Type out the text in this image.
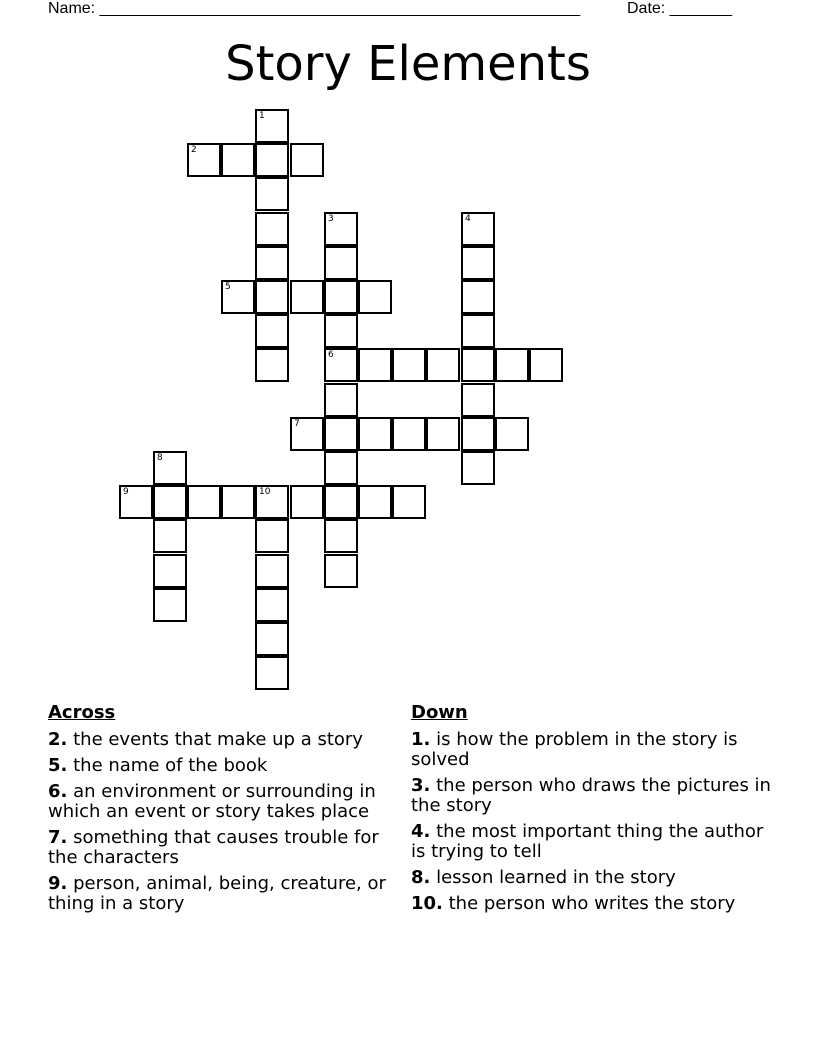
Name: ______________________________________________________	Date: _______
Story Elements
1
2
3	4
5
6
7
8
9	10
Across
2. the events that make up a story
5. the name of the book
6. an environment or surrounding in which an event or story takes place
7. something that causes trouble for the characters
9. person, animal, being, creature, or thing in a story
Down
1. is how the problem in the story is solved
3. the person who draws the pictures in the story
4. the most important thing the author is trying to tell
8. lesson learned in the story
10. the person who writes the story
